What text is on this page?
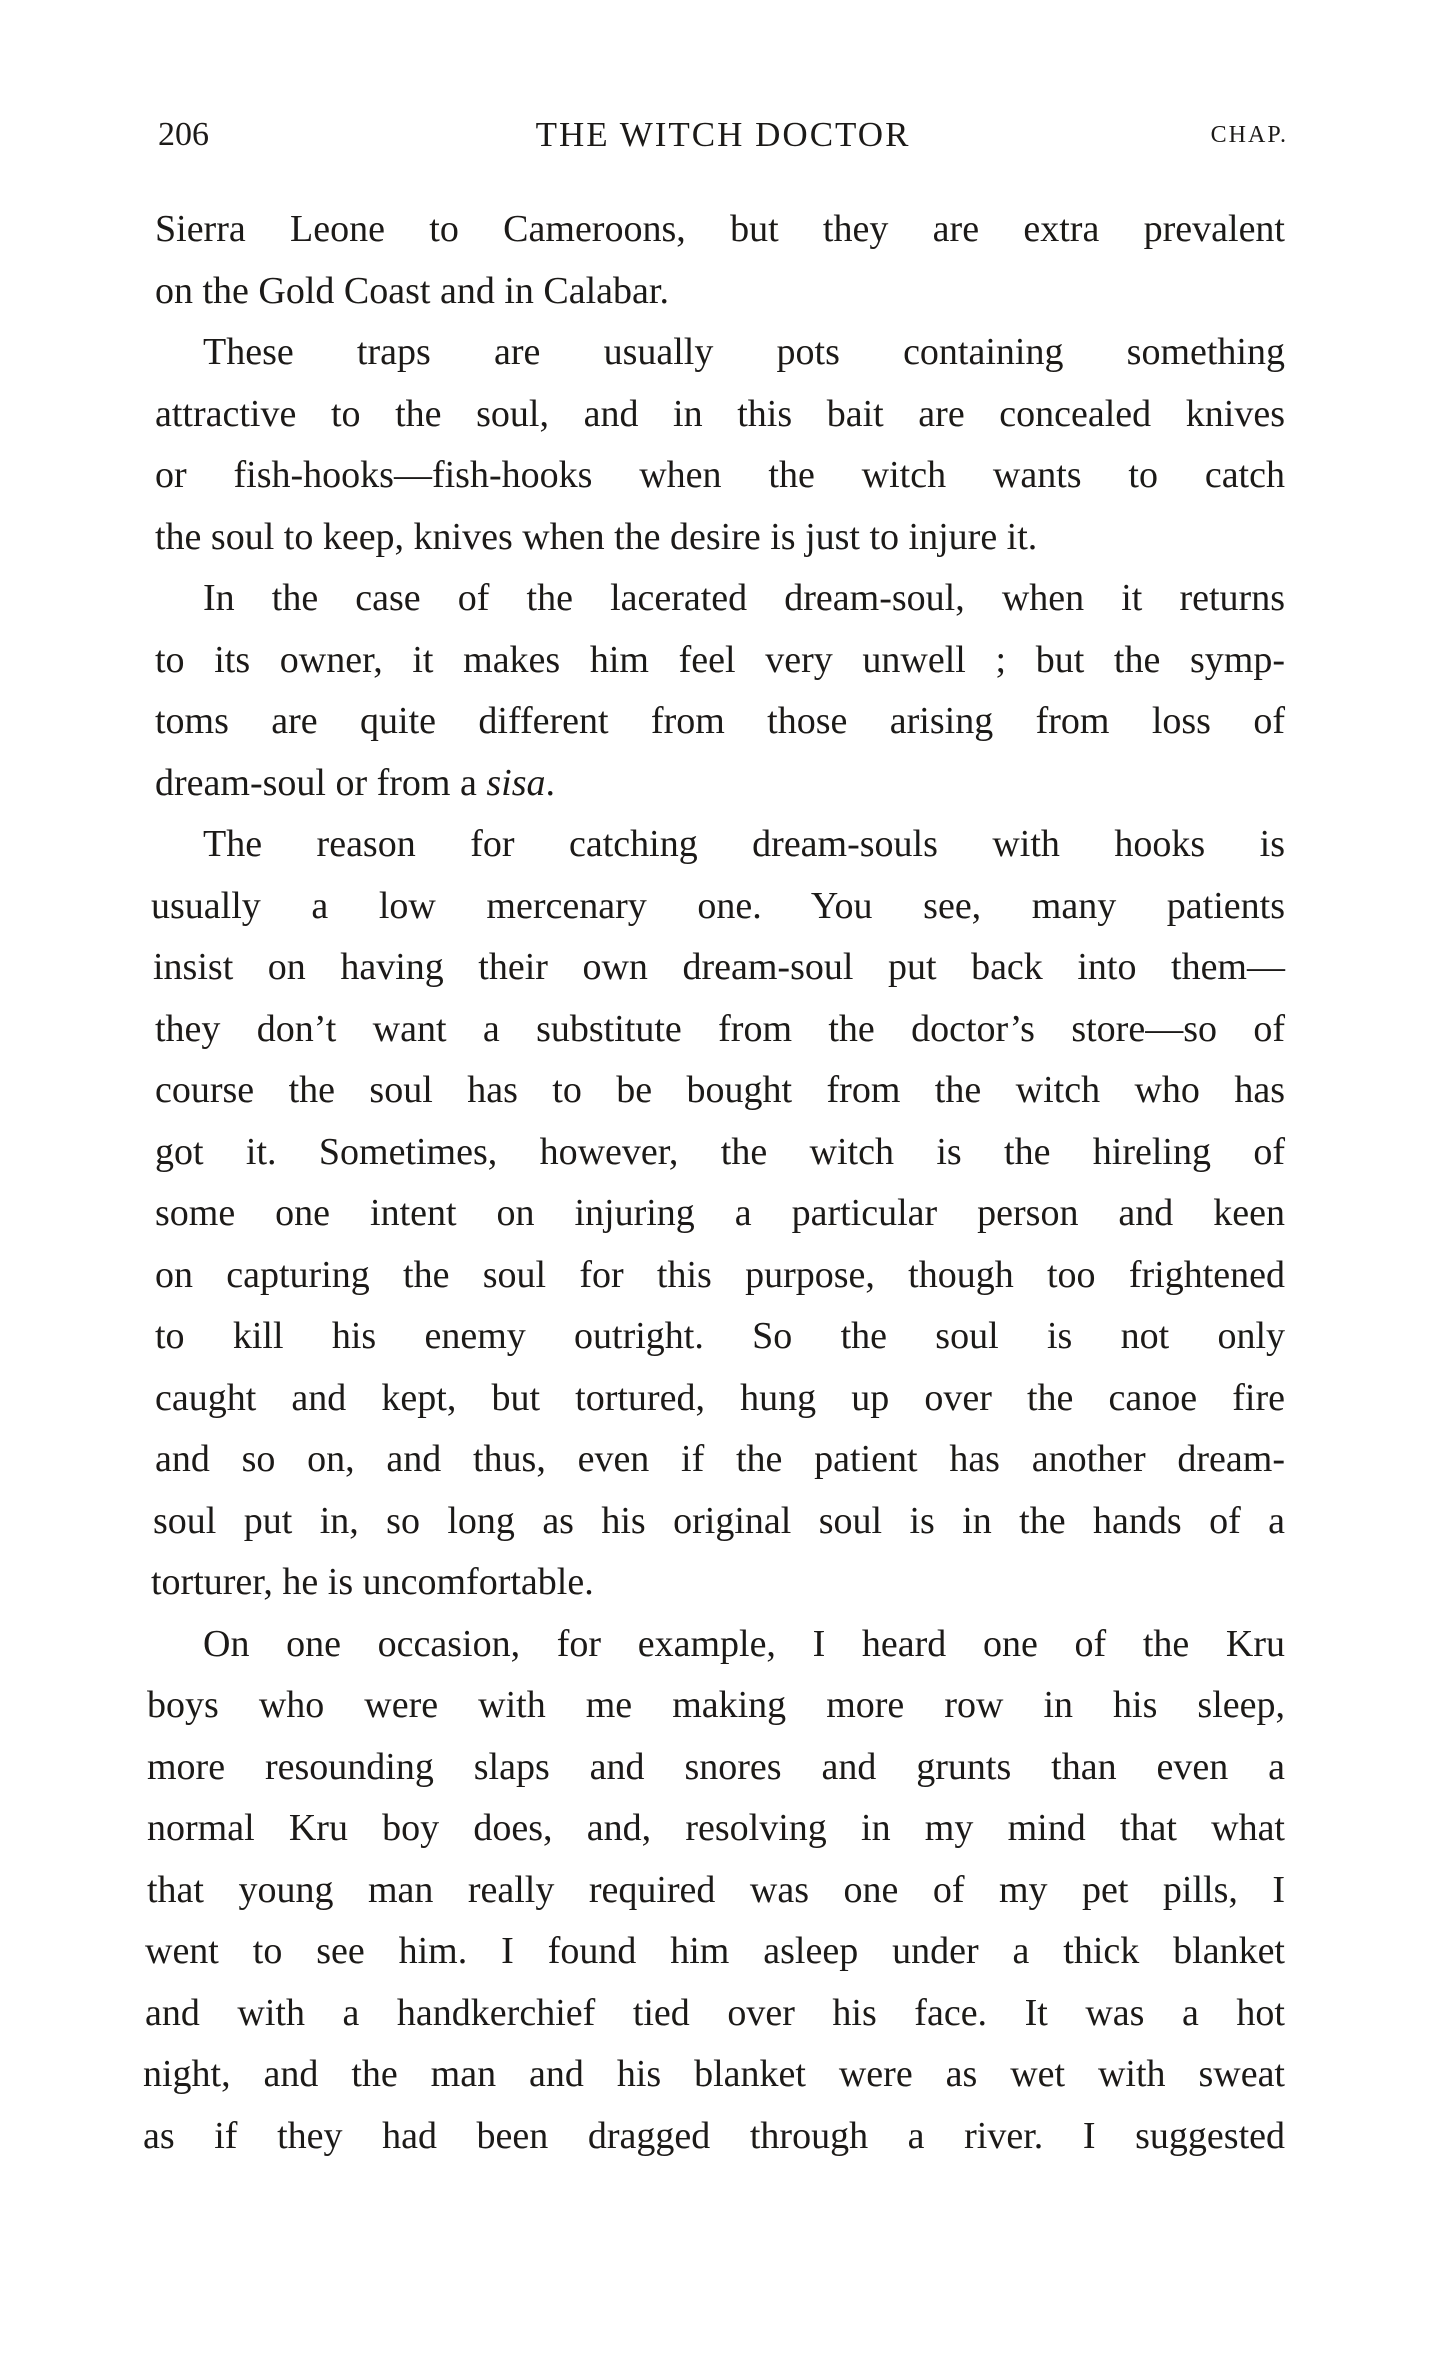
206	THE WITCH DOCTOR	CHAP.
Sierra Leone to Cameroons, but they are extra prevalent
on the Gold Coast and in Calabar.
These traps are usually pots containing something
attractive to the soul, and in this bait are concealed knives
or fish-hooks—fish-hooks when the witch wants to catch
the soul to keep, knives when the desire is just to injure it.
In the case of the lacerated dream-soul, when it returns
to its owner, it makes him feel very unwell ; but the symp-
toms are quite different from those arising from loss of
dream-soul or from a sisa.
The reason for catching dream-souls with hooks is
usually a low mercenary one. You see, many patients
insist on having their own dream-soul put back into them—
they don’t want a substitute from the doctor’s store—so of
course the soul has to be bought from the witch who has
got it. Sometimes, however, the witch is the hireling of
some one intent on injuring a particular person and keen
on capturing the soul for this purpose, though too frightened
to kill his enemy outright. So the soul is not only
caught and kept, but tortured, hung up over the canoe fire
and so on, and thus, even if the patient has another dream-
soul put in, so long as his original soul is in the hands of a
torturer, he is uncomfortable.
On one occasion, for example, I heard one of the Kru
boys who were with me making more row in his sleep,
more resounding slaps and snores and grunts than even a
normal Kru boy does, and, resolving in my mind that what
that young man really required was one of my pet pills, I
went to see him. I found him asleep under a thick blanket
and with a handkerchief tied over his face. It was a hot
night, and the man and his blanket were as wet with sweat
as if they had been dragged through a river. I suggested
